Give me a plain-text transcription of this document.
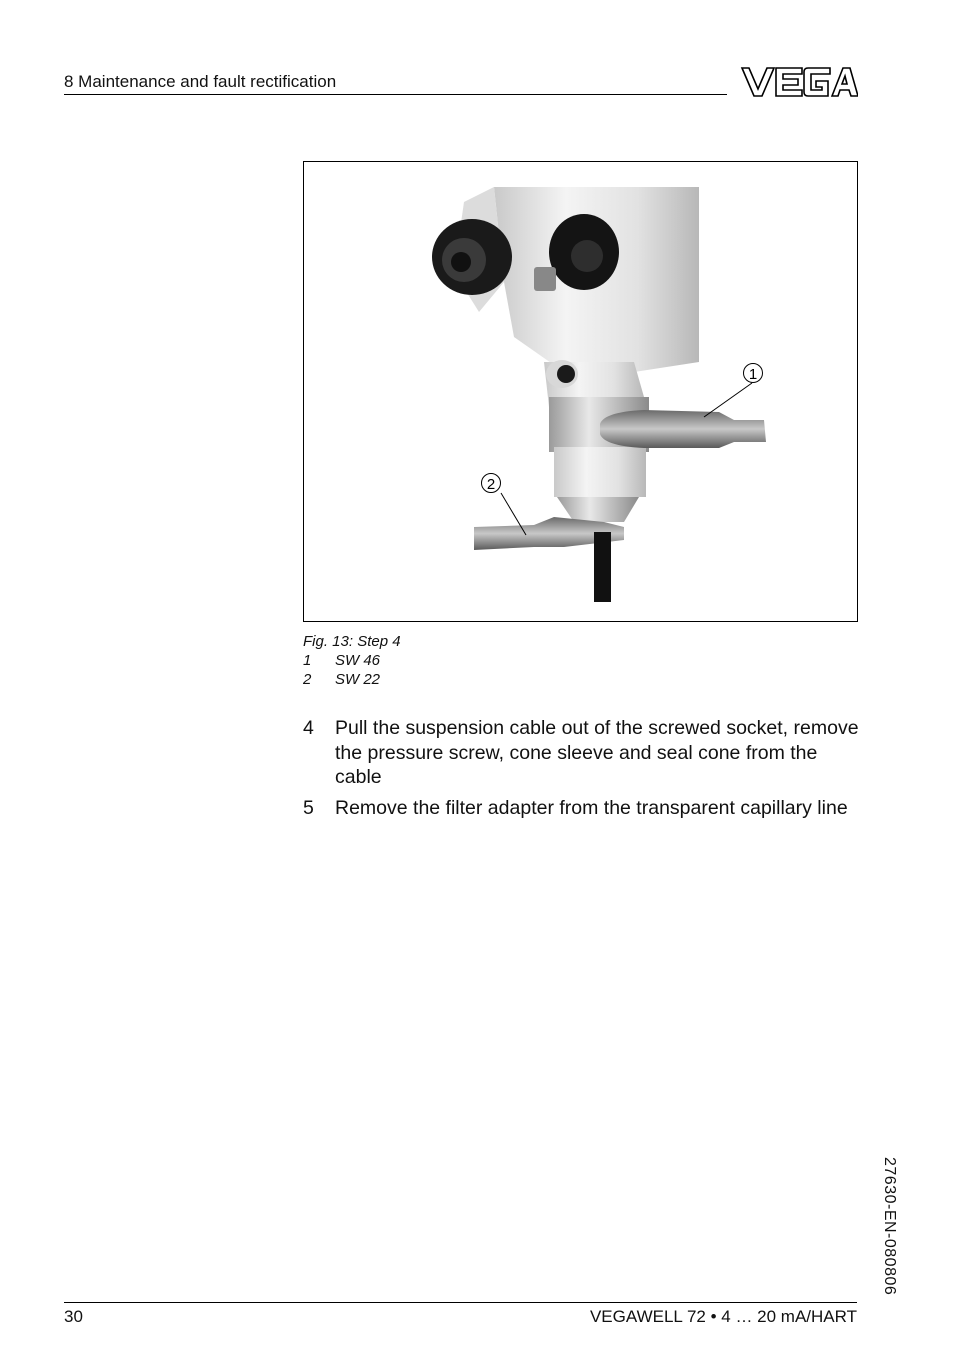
8 Maintenance and fault rectification
1
2
Fig. 13: Step 4
1 SW 46
2 SW 22
4 Pull the suspension cable out of the screwed socket, remove the pressure screw, cone sleeve and seal cone from the cable
5 Remove the filter adapter from the transparent capillary line
27630-EN-080806
30	VEGAWELL 72 • 4 … 20 mA/HART
